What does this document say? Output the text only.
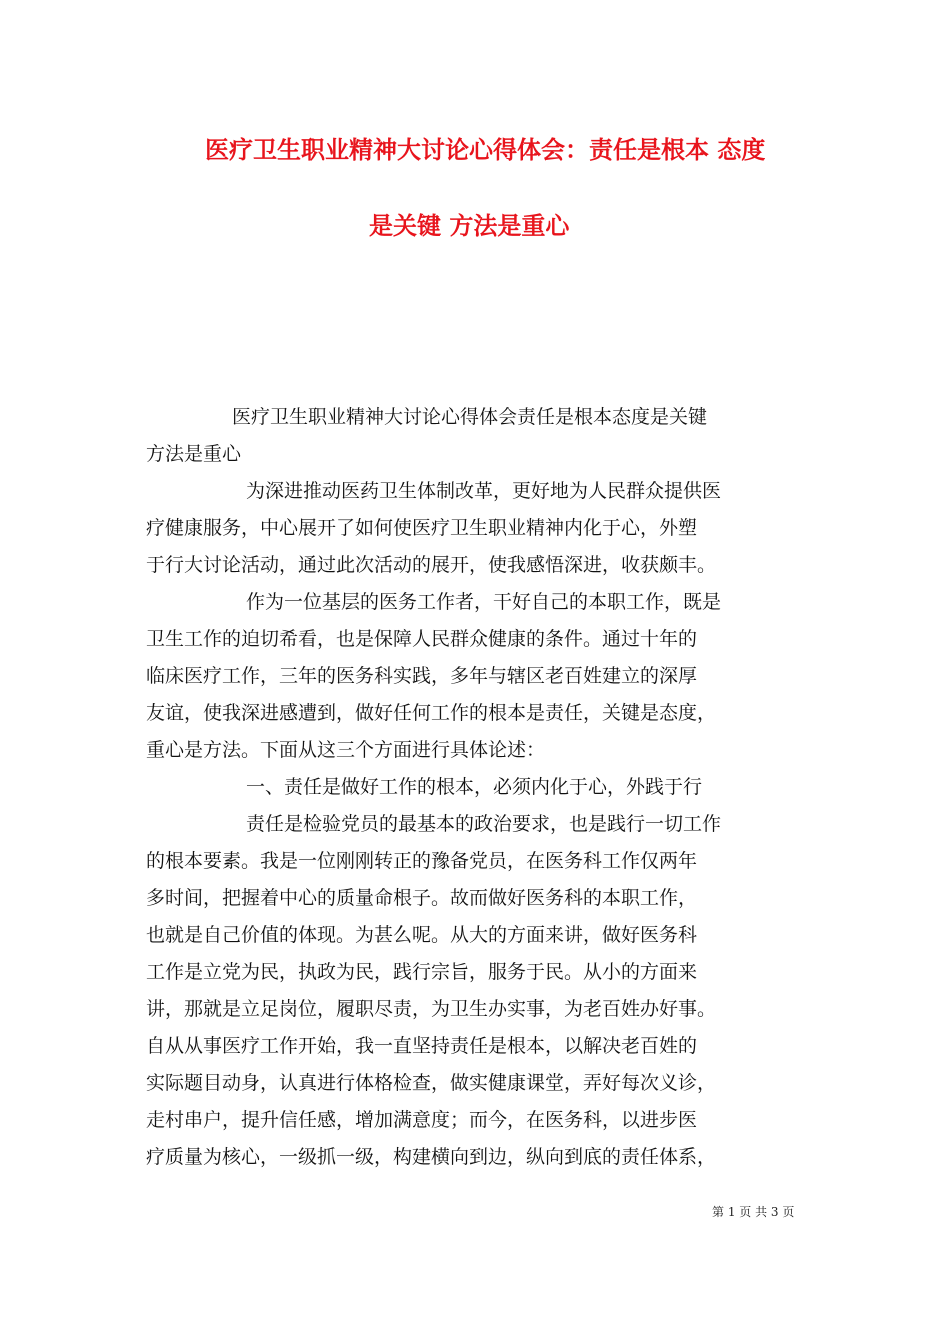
医疗卫生职业精神大讨论心得体会：责任是根本 态度
是关键 方法是重心
医疗卫生职业精神大讨论心得体会责任是根本态度是关键
方法是重心
为深进推动医药卫生体制改革，更好地为人民群众提供医
疗健康服务，中心展开了如何使医疗卫生职业精神内化于心，外塑
于行大讨论活动，通过此次活动的展开，使我感悟深进，收获颇丰。
作为一位基层的医务工作者，干好自己的本职工作，既是
卫生工作的迫切希看，也是保障人民群众健康的条件。通过十年的
临床医疗工作，三年的医务科实践，多年与辖区老百姓建立的深厚
友谊，使我深进感遭到，做好任何工作的根本是责任，关键是态度，
重心是方法。下面从这三个方面进行具体论述：
一、责任是做好工作的根本，必须内化于心，外践于行
责任是检验党员的最基本的政治要求，也是践行一切工作
的根本要素。我是一位刚刚转正的豫备党员，在医务科工作仅两年
多时间，把握着中心的质量命根子。故而做好医务科的本职工作，
也就是自己价值的体现。为甚么呢。从大的方面来讲，做好医务科
工作是立党为民，执政为民，践行宗旨，服务于民。从小的方面来
讲，那就是立足岗位，履职尽责，为卫生办实事，为老百姓办好事。
自从从事医疗工作开始，我一直坚持责任是根本，以解决老百姓的
实际题目动身，认真进行体格检查，做实健康课堂，弄好每次义诊，
走村串户，提升信任感，增加满意度；而今，在医务科，以进步医
疗质量为核心，一级抓一级，构建横向到边，纵向到底的责任体系，
第 1 页 共 3 页
